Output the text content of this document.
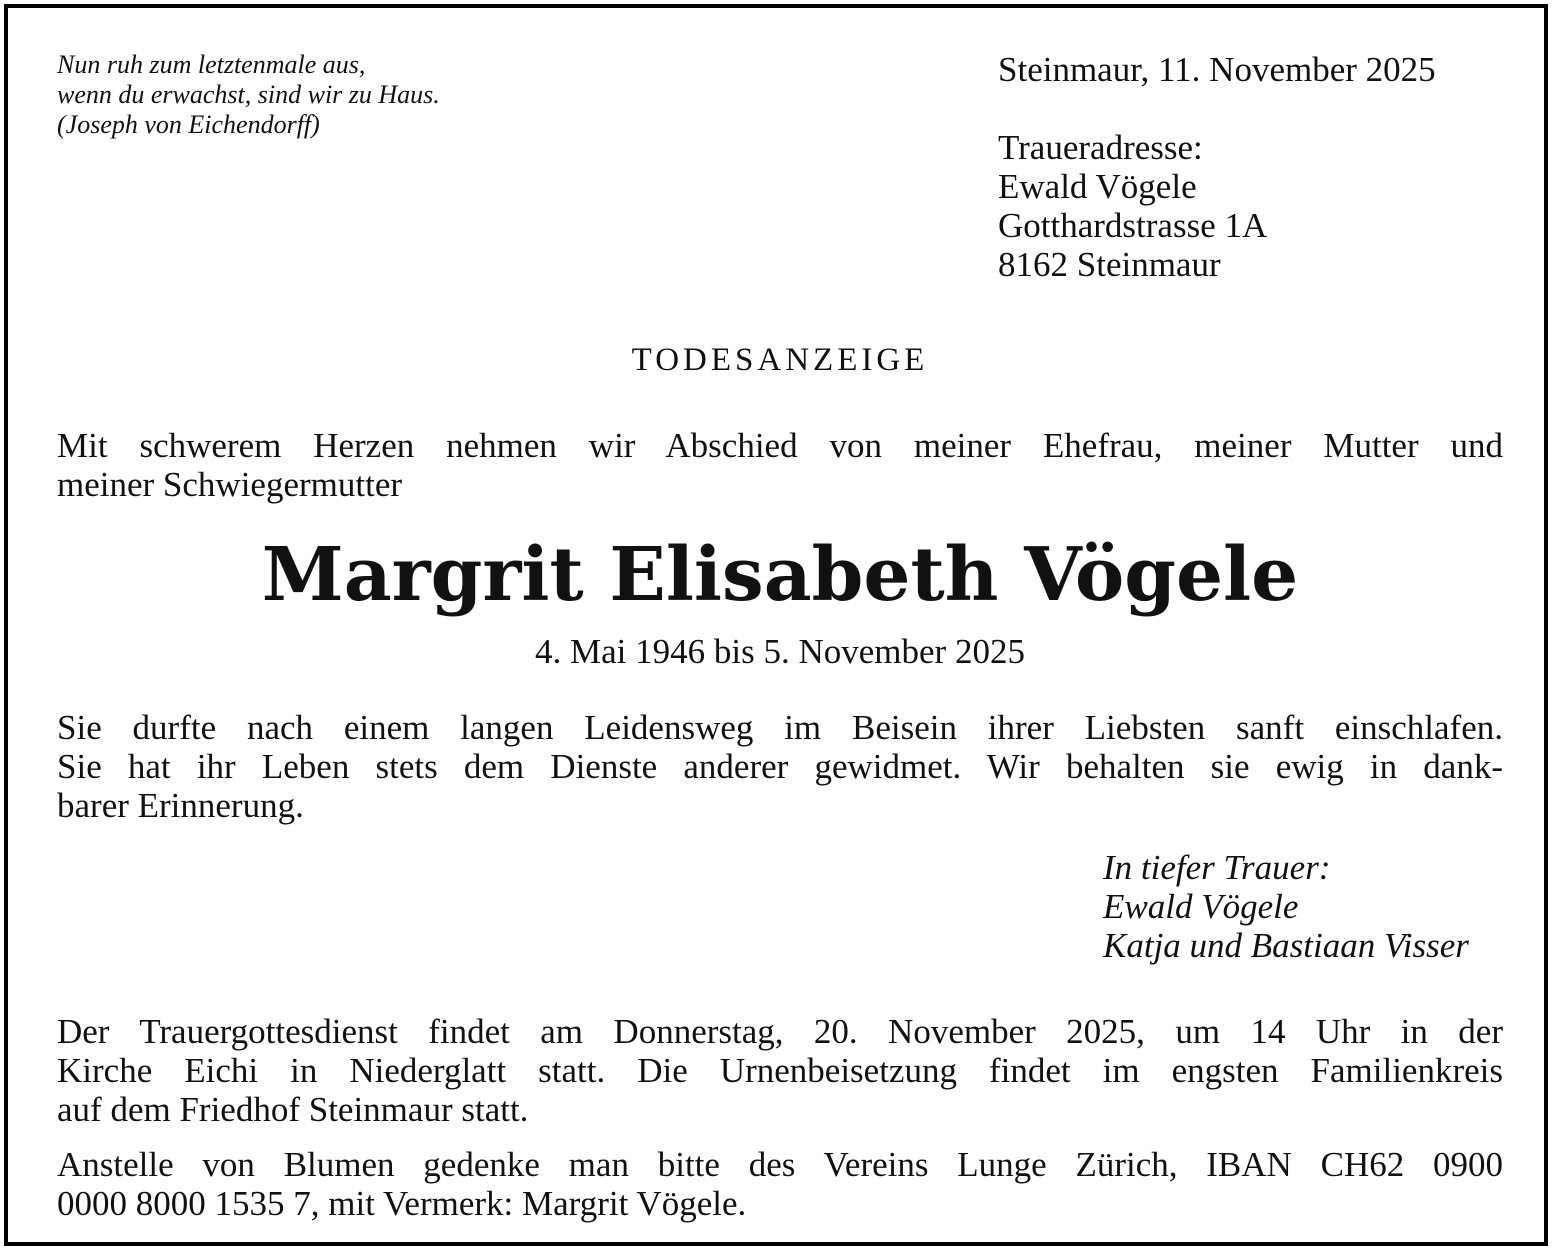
Nun ruh zum letztenmale aus,
wenn du erwachst, sind wir zu Haus.
(Joseph von Eichendorff)
Steinmaur, 11. November 2025
Traueradresse:
Ewald Vögele
Gotthardstrasse 1A
8162 Steinmaur
TODESANZEIGE
Mit schwerem Herzen nehmen wir Abschied von meiner Ehefrau, meiner Mutter und
meiner Schwiegermutter
Margrit Elisabeth Vögele
4. Mai 1946 bis 5. November 2025
Sie durfte nach einem langen Leidensweg im Beisein ihrer Liebsten sanft einschlafen.
Sie hat ihr Leben stets dem Dienste anderer gewidmet. Wir behalten sie ewig in dank-
barer Erinnerung.
In tiefer Trauer:
Ewald Vögele
Katja und Bastiaan Visser
Der Trauergottesdienst findet am Donnerstag, 20. November 2025, um 14 Uhr in der
Kirche Eichi in Niederglatt statt. Die Urnenbeisetzung findet im engsten Familienkreis
auf dem Friedhof Steinmaur statt.
Anstelle von Blumen gedenke man bitte des Vereins Lunge Zürich, IBAN CH62 0900
0000 8000 1535 7, mit Vermerk: Margrit Vögele.
